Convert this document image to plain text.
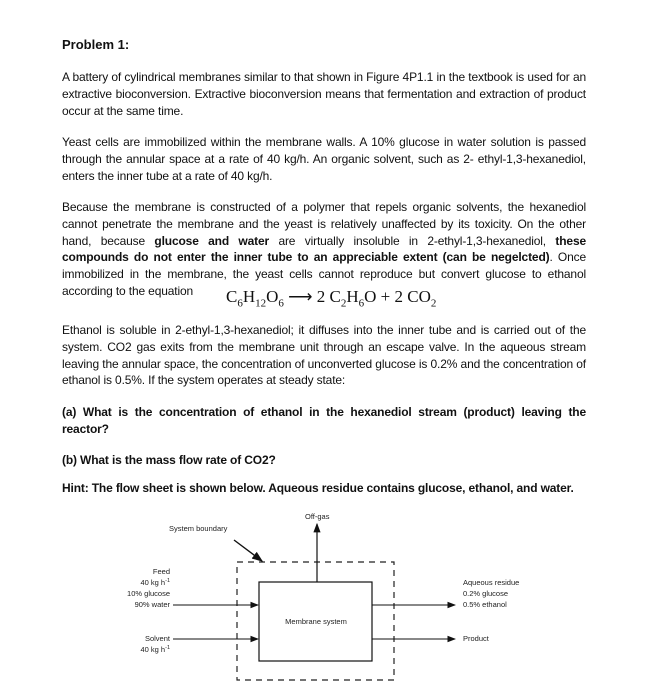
Problem 1:
A battery of cylindrical membranes similar to that shown in Figure 4P1.1 in the textbook is used for an extractive bioconversion. Extractive bioconversion means that fermentation and extraction of product occur at the same time.
Yeast cells are immobilized within the membrane walls. A 10% glucose in water solution is passed through the annular space at a rate of 40 kg/h. An organic solvent, such as 2- ethyl-1,3-hexanediol, enters the inner tube at a rate of 40 kg/h.
Because the membrane is constructed of a polymer that repels organic solvents, the hexanediol cannot penetrate the membrane and the yeast is relatively unaffected by its toxicity. On the other hand, because glucose and water are virtually insoluble in 2-ethyl-1,3-hexanediol, these compounds do not enter the inner tube to an appreciable extent (can be negelcted). Once immobilized in the membrane, the yeast cells cannot reproduce but convert glucose to ethanol according to the equation	$C_6H_{12}O_6$ ⟶ 2 $C_2H_6O + 2$ $CO_2$
Ethanol is soluble in 2-ethyl-1,3-hexanediol; it diffuses into the inner tube and is carried out of the system. CO2 gas exits from the membrane unit through an escape valve. In the aqueous stream leaving the annular space, the concentration of unconverted glucose is 0.2% and the concentration of ethanol is 0.5%. If the system operates at steady state:
(a) What is the concentration of ethanol in the hexanediol stream (product) leaving the reactor?
(b) What is the mass flow rate of CO2?
Hint: The flow sheet is shown below. Aqueous residue contains glucose, ethanol, and water.
Off-gas
System boundary
Feed
40 kg $h^{-1}$
10% glucose
90% water
Solvent
40 kg $h^{-1}$
Membrane system
Aqueous residue
0.2% glucose
0.5% ethanol
Product
